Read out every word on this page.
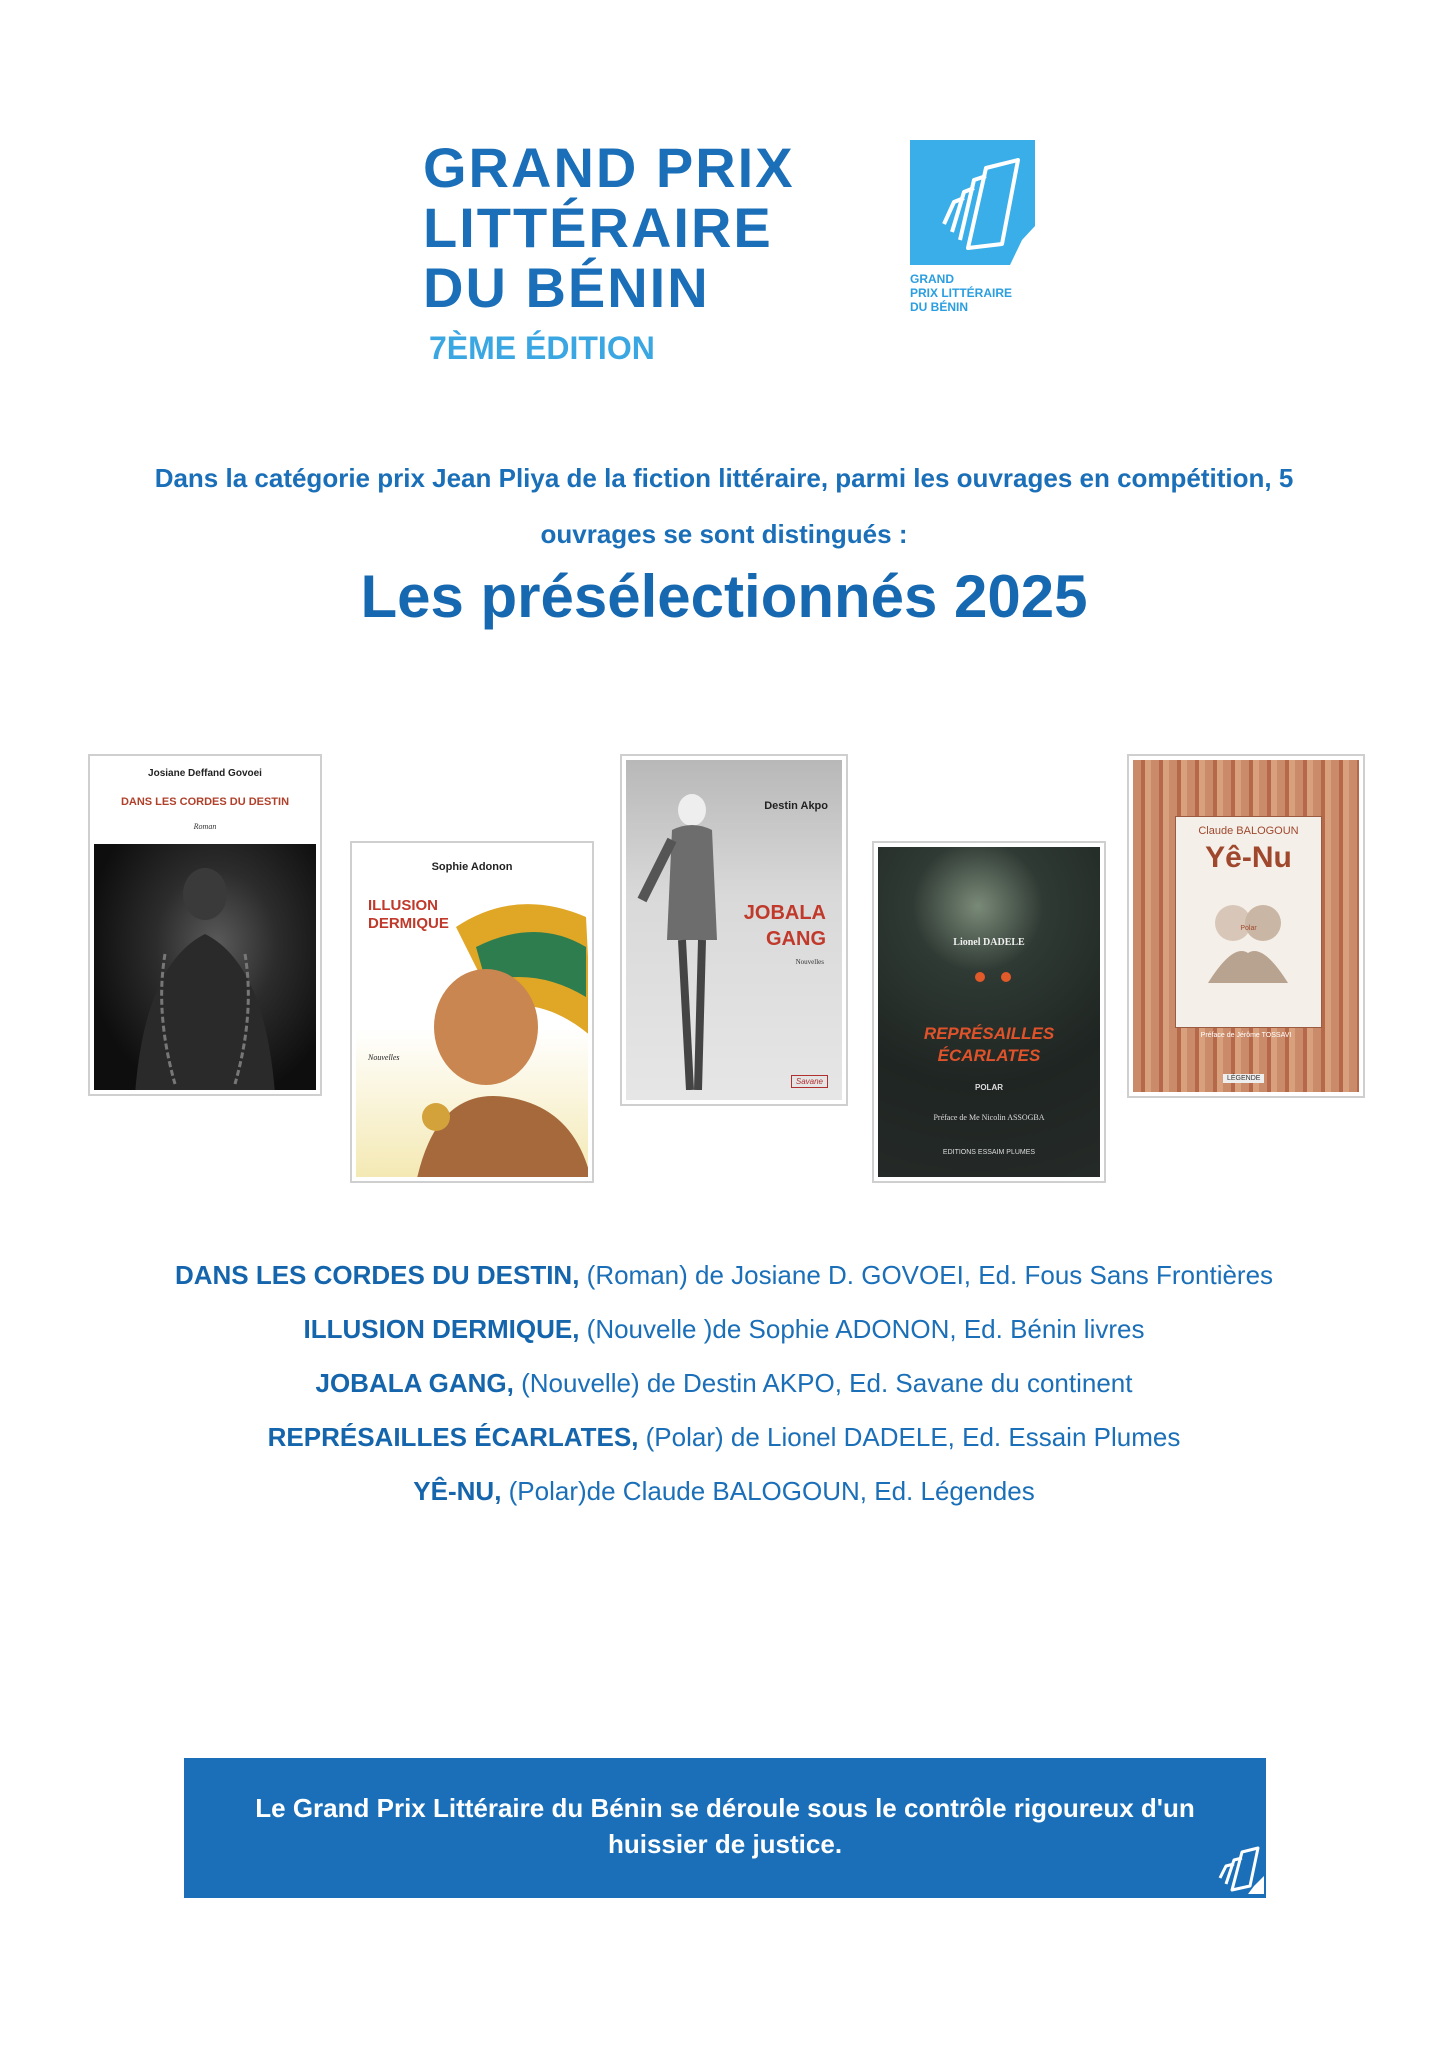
GRAND PRIX
LITTÉRAIRE
DU BÉNIN
7ÈME ÉDITION
GRAND
PRIX LITTÉRAIRE
DU BÉNIN
Dans la catégorie prix Jean Pliya de la fiction littéraire, parmi les ouvrages en compétition, 5
ouvrages se sont distingués :
Les présélectionnés 2025
Josiane Deffand Govoei
DANS LES CORDES DU DESTIN
Roman
Sophie Adonon
ILLUSION
DERMIQUE
Nouvelles
Destin Akpo
JOBALA
GANG
Nouvelles
Savane
Lionel DADELE
REPRÉSAILLES
ÉCARLATES
POLAR
Préface de Me Nicolin ASSOGBA
EDITIONS ESSAIM PLUMES
Claude BALOGOUN
Yê-Nu
Polar
Préface de Jérôme TOSSAVI
LÉGENDE
DANS LES CORDES DU DESTIN, (Roman) de Josiane D. GOVOEI, Ed. Fous Sans Frontières
ILLUSION DERMIQUE, (Nouvelle )de Sophie ADONON, Ed. Bénin livres
JOBALA GANG, (Nouvelle) de Destin AKPO, Ed. Savane du continent
REPRÉSAILLES ÉCARLATES, (Polar) de Lionel DADELE, Ed. Essain Plumes
YÊ-NU, (Polar)de Claude BALOGOUN, Ed. Légendes
Le Grand Prix Littéraire du Bénin se déroule sous le contrôle rigoureux d'un huissier de justice.
